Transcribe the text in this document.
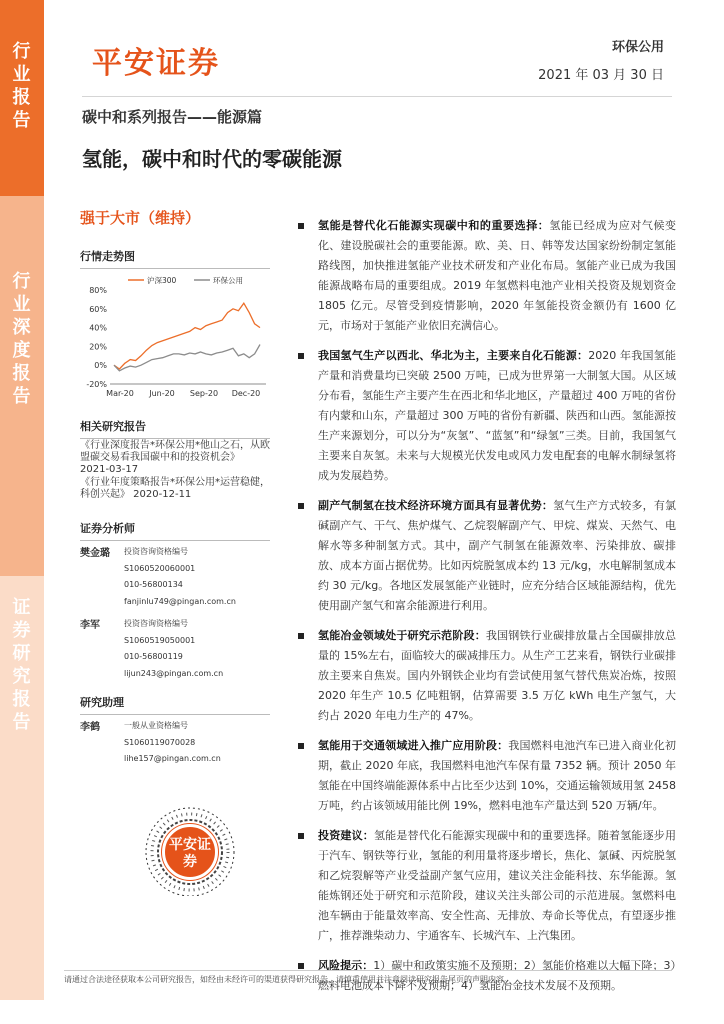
行
业
报
告
行
业
深
度
报
告
证
券
研
究
报
告
平安证券	环保公用
2021 年 03 月 30 日
碳中和系列报告——能源篇
氢能，碳中和时代的零碳能源
强于大市（维持）
行情走势图
沪深300	环保公用
80%
60%
40%
20%
0%
-20%
Mar-20 Jun-20 Sep-20 Dec-20
相关研究报告

《行业深度报告*环保公用*他山之石，从欧盟碳交易看我国碳中和的投资机会》 2021-03-17

《行业年度策略报告*环保公用*运营稳健，科创兴起》 2020-12-11

证券分析师
樊金璐 投资咨询资格编号
S1060520060001
010-56800134
fanjinlu749@pingan.com.cn
李军	投资咨询资格编号
S1060519050001
010-56800119
lijun243@pingan.com.cn
研究助理
李鹤	一般从业资格编号
S1060119070028
lihe157@pingan.com.cn
平安证券
氢能是替代化石能源实现碳中和的重要选择：氢能已经成为应对气候变化、建设脱碳社会的重要能源。欧、美、日、韩等发达国家纷纷制定氢能路线图，加快推进氢能产业技术研发和产业化布局。氢能产业已成为我国能源战略布局的重要组成。2019 年氢燃料电池产业相关投资及规划资金 1805 亿元。尽管受到疫情影响，2020 年氢能投资金额仍有 1600 亿元，市场对于氢能产业依旧充满信心。
我国氢气生产以西北、华北为主，主要来自化石能源：2020 年我国氢能产量和消费量均已突破 2500 万吨，已成为世界第一大制氢大国。从区域分布看，氢能生产主要产生在西北和华北地区，产量超过 400 万吨的省份有内蒙和山东，产量超过 300 万吨的省份有新疆、陕西和山西。氢能源按生产来源划分，可以分为“灰氢”、“蓝氢”和“绿氢”三类。目前，我国氢气主要来自灰氢。未来与大规模光伏发电或风力发电配套的电解水制绿氢将成为发展趋势。
副产气制氢在技术经济环境方面具有显著优势：氢气生产方式较多，有氯碱副产气、干气、焦炉煤气、乙烷裂解副产气、甲烷、煤炭、天然气、电解水等多种制氢方式。其中，副产气制氢在能源效率、污染排放、碳排放、成本方面占据优势。比如丙烷脱氢成本约 13 元/kg，水电解制氢成本约 30 元/kg。各地区发展氢能产业链时，应充分结合区域能源结构，优先使用副产氢气和富余能源进行利用。
氢能冶金领域处于研究示范阶段：我国钢铁行业碳排放量占全国碳排放总量的 15%左右，面临较大的碳减排压力。从生产工艺来看，钢铁行业碳排放主要来自焦炭。国内外钢铁企业均有尝试使用氢气替代焦炭冶炼，按照 2020 年生产 10.5 亿吨粗钢，估算需要 3.5 万亿 kWh 电生产氢气，大约占 2020 年电力生产的 47%。
氢能用于交通领域进入推广应用阶段：我国燃料电池汽车已进入商业化初期，截止 2020 年底，我国燃料电池汽车保有量 7352 辆。预计 2050 年氢能在中国终端能源体系中占比至少达到 10%，交通运输领域用氢 2458 万吨，约占该领域用能比例 19%，燃料电池车产量达到 520 万辆/年。
投资建议：氢能是替代化石能源实现碳中和的重要选择。随着氢能逐步用于汽车、钢铁等行业，氢能的利用量将逐步增长，焦化、氯碱、丙烷脱氢和乙烷裂解等产业受益副产氢气应用，建议关注金能科技、东华能源。氢能炼钢还处于研究和示范阶段，建议关注头部公司的示范进展。氢燃料电池车辆由于能量效率高、安全性高、无排放、寿命长等优点，有望逐步推广，推荐潍柴动力、宇通客车、长城汽车、上汽集团。
风险提示：1）碳中和政策实施不及预期；2）氢能价格难以大幅下降；3）燃料电池成本下降不及预期；4）氢能冶金技术发展不及预期。
请通过合法途径获取本公司研究报告，如经由未经许可的渠道获得研究报告，请慎重使用并注意阅读研究报告尾页的声明内容。
